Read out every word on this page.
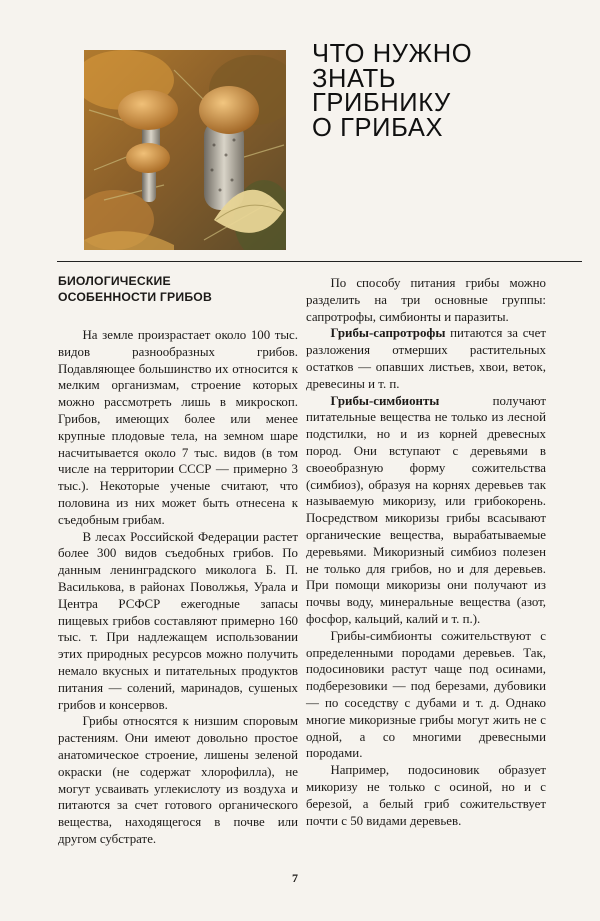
ЧТО НУЖНО
ЗНАТЬ
ГРИБНИКУ
О ГРИБАХ
БИОЛОГИЧЕСКИЕ
ОСОБЕННОСТИ ГРИБОВ

На земле произрастает около 100 тыс. видов разнообразных грибов. Подавляющее большинство их относится к мелким организмам, строение которых можно рассмотреть лишь в микроскоп. Грибов, имеющих более или менее крупные плодовые тела, на земном шаре насчитывается около 7 тыс. видов (в том числе на территории СССР — примерно 3 тыс.). Некоторые ученые считают, что половина из них может быть отнесена к съедобным грибам.

В лесах Российской Федерации растет более 300 видов съедобных грибов. По данным ленинградского миколога Б. П. Василькова, в районах Поволжья, Урала и Центра РСФСР ежегодные запасы пищевых грибов составляют примерно 160 тыс. т. При надлежащем использовании этих природных ресурсов можно получить немало вкусных и питательных продуктов питания — солений, маринадов, сушеных грибов и консервов.

Грибы относятся к низшим споровым растениям. Они имеют довольно простое анатомическое строение, лишены зеленой окраски (не содержат хлорофилла), не могут усваивать углекислоту из воздуха и питаются за счет готового органического вещества, находящегося в почве или другом субстрате.

По способу питания грибы можно разделить на три основные группы: сапротрофы, симбионты и паразиты.

Грибы-сапротрофы питаются за счет разложения отмерших растительных остатков — опавших листьев, хвои, веток, древесины и т. п.

Грибы-симбионты получают питательные вещества не только из лесной подстилки, но и из корней древесных пород. Они вступают с деревьями в своеобразную форму сожительства (симбиоз), образуя на корнях деревьев так называемую микоризу, или грибокорень. Посредством микоризы грибы всасывают органические вещества, вырабатываемые деревьями. Микоризный симбиоз полезен не только для грибов, но и для деревьев. При помощи микоризы они получают из почвы воду, минеральные вещества (азот, фосфор, кальций, калий и т. п.).

Грибы-симбионты сожительствуют с определенными породами деревьев. Так, подосиновики растут чаще под осинами, подберезовики — под березами, дубовики — по соседству с дубами и т. д. Однако многие микоризные грибы могут жить не с одной, а со многими древесными породами.

Например, подосиновик образует микоризу не только с осиной, но и с березой, а белый гриб сожительствует почти с 50 видами деревьев.

7
